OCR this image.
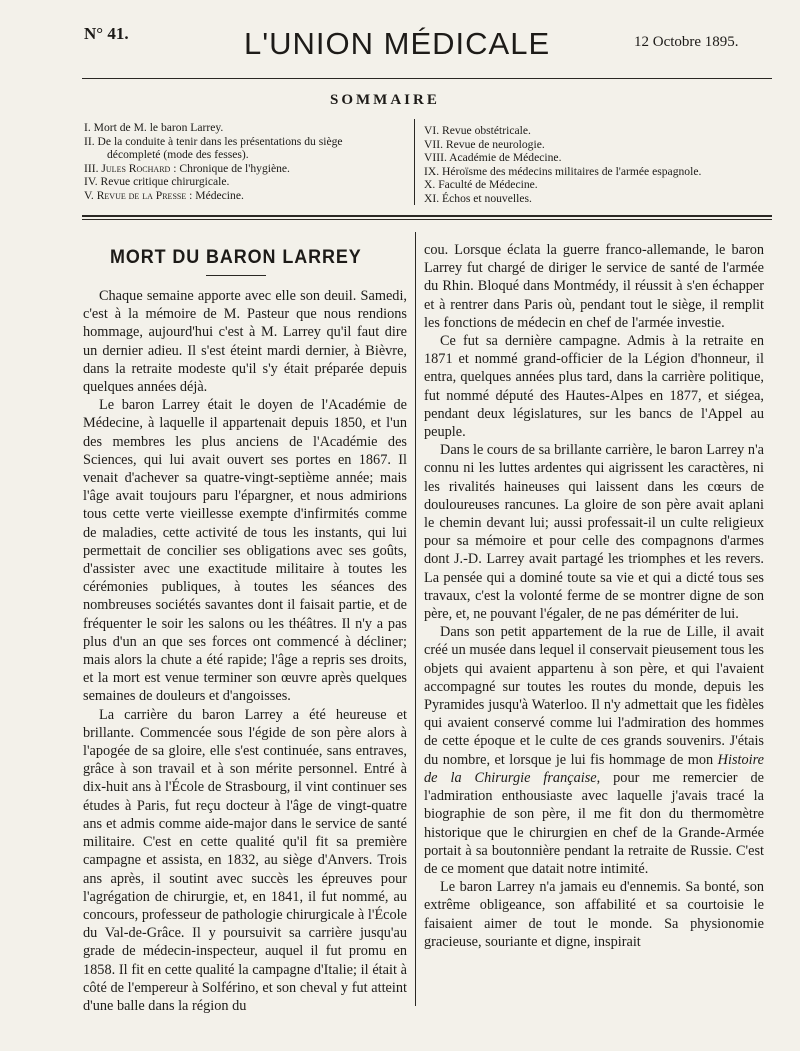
N° 41.	L'UNION MÉDICALE	12 Octobre 1895.
SOMMAIRE
I. Mort de M. le baron Larrey.
II. De la conduite à tenir dans les présentations du siège
décompleté (mode des fesses).
III. Jules Rochard : Chronique de l'hygiène.
IV. Revue critique chirurgicale.
V. Revue de la Presse : Médecine.
VI. Revue obstétricale.
VII. Revue de neurologie.
VIII. Académie de Médecine.
IX. Héroïsme des médecins militaires de l'armée espagnole.
X. Faculté de Médecine.
XI. Échos et nouvelles.
MORT DU BARON LARREY

Chaque semaine apporte avec elle son deuil. Samedi, c'est à la mémoire de M. Pasteur que nous rendions hommage, aujourd'hui c'est à M. Larrey qu'il faut dire un dernier adieu. Il s'est éteint mardi dernier, à Bièvre, dans la retraite modeste qu'il s'y était préparée depuis quelques années déjà.

Le baron Larrey était le doyen de l'Académie de Médecine, à laquelle il appartenait depuis 1850, et l'un des membres les plus anciens de l'Académie des Sciences, qui lui avait ouvert ses portes en 1867. Il venait d'achever sa quatre-vingt-septième année; mais l'âge avait toujours paru l'épargner, et nous admirions tous cette verte vieillesse exempte d'infirmités comme de maladies, cette activité de tous les instants, qui lui permettait de concilier ses obligations avec ses goûts, d'assister avec une exactitude militaire à toutes les cérémonies publiques, à toutes les séances des nombreuses sociétés savantes dont il faisait partie, et de fréquenter le soir les salons ou les théâtres. Il n'y a pas plus d'un an que ses forces ont commencé à décliner; mais alors la chute a été rapide; l'âge a repris ses droits, et la mort est venue terminer son œuvre après quelques semaines de douleurs et d'angoisses.

La carrière du baron Larrey a été heureuse et brillante. Commencée sous l'égide de son père alors à l'apogée de sa gloire, elle s'est continuée, sans entraves, grâce à son travail et à son mérite personnel. Entré à dix-huit ans à l'École de Strasbourg, il vint continuer ses études à Paris, fut reçu docteur à l'âge de vingt-quatre ans et admis comme aide-major dans le service de santé militaire. C'est en cette qualité qu'il fit sa première campagne et assista, en 1832, au siège d'Anvers. Trois ans après, il soutint avec succès les épreuves pour l'agrégation de chirurgie, et, en 1841, il fut nommé, au concours, professeur de pathologie chirurgicale à l'École du Val-de-Grâce. Il y poursuivit sa carrière jusqu'au grade de médecin-inspecteur, auquel il fut promu en 1858. Il fit en cette qualité la campagne d'Italie; il était à côté de l'empereur à Solférino, et son cheval y fut atteint d'une balle dans la région du

cou. Lorsque éclata la guerre franco-allemande, le baron Larrey fut chargé de diriger le service de santé de l'armée du Rhin. Bloqué dans Montmédy, il réussit à s'en échapper et à rentrer dans Paris où, pendant tout le siège, il remplit les fonctions de médecin en chef de l'armée investie.

Ce fut sa dernière campagne. Admis à la retraite en 1871 et nommé grand-officier de la Légion d'honneur, il entra, quelques années plus tard, dans la carrière politique, fut nommé député des Hautes-Alpes en 1877, et siégea, pendant deux législatures, sur les bancs de l'Appel au peuple.

Dans le cours de sa brillante carrière, le baron Larrey n'a connu ni les luttes ardentes qui aigrissent les caractères, ni les rivalités haineuses qui laissent dans les cœurs de douloureuses rancunes. La gloire de son père avait aplani le chemin devant lui; aussi professait-il un culte religieux pour sa mémoire et pour celle des compagnons d'armes dont J.-D. Larrey avait partagé les triomphes et les revers. La pensée qui a dominé toute sa vie et qui a dicté tous ses travaux, c'est la volonté ferme de se montrer digne de son père, et, ne pouvant l'égaler, de ne pas démériter de lui.

Dans son petit appartement de la rue de Lille, il avait créé un musée dans lequel il conservait pieusement tous les objets qui avaient appartenu à son père, et qui l'avaient accompagné sur toutes les routes du monde, depuis les Pyramides jusqu'à Waterloo. Il n'y admettait que les fidèles qui avaient conservé comme lui l'admiration des hommes de cette époque et le culte de ces grands souvenirs. J'étais du nombre, et lorsque je lui fis hommage de mon Histoire de la Chirurgie française, pour me remercier de l'admiration enthousiaste avec laquelle j'avais tracé la biographie de son père, il me fit don du thermomètre historique que le chirurgien en chef de la Grande-Armée portait à sa boutonnière pendant la retraite de Russie. C'est de ce moment que datait notre intimité.

Le baron Larrey n'a jamais eu d'ennemis. Sa bonté, son extrême obligeance, son affabilité et sa courtoisie le faisaient aimer de tout le monde. Sa physionomie gracieuse, souriante et digne, inspirait
